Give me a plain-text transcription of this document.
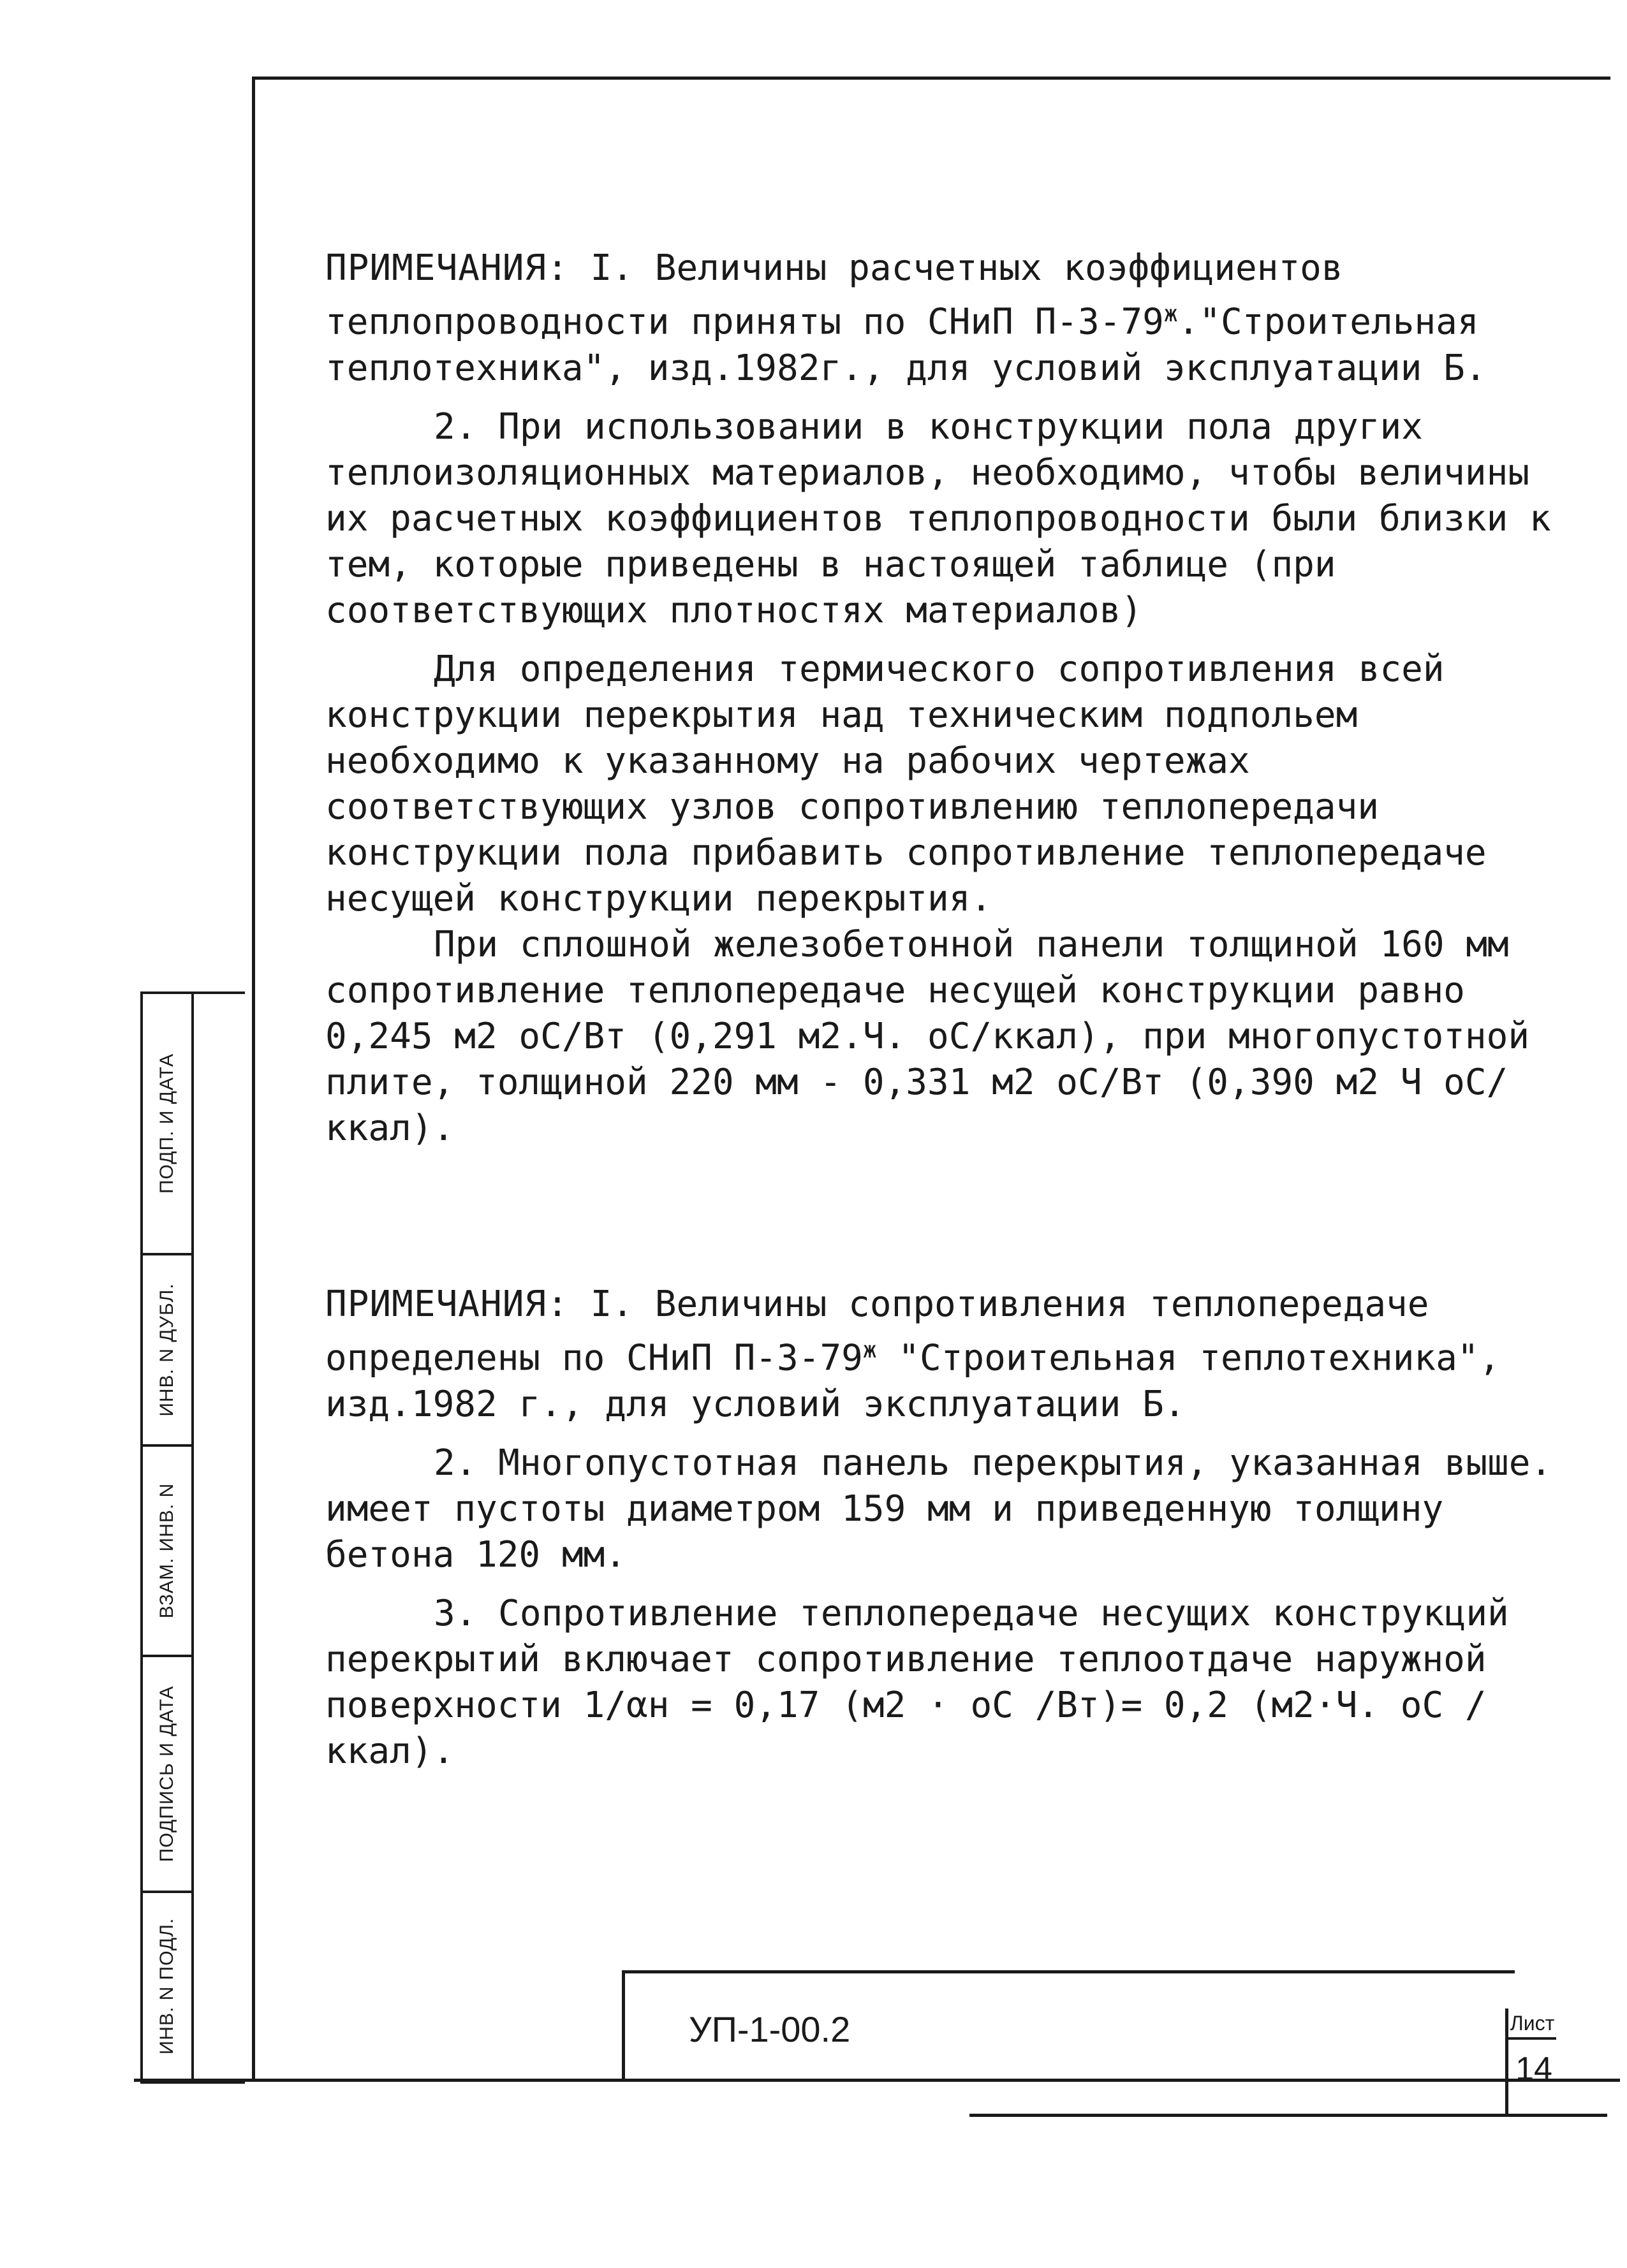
ПРИМЕЧАНИЯ: I. Величины расчетных коэффициентов теплопроводности приняты по СНиП $П-3-79^ж."Строительная$ теплотехника", изд.1982г., для условий эксплуатации Б.

2. При использовании в конструкции пола других теплоизоляционных материалов, необходимо, чтобы величины их расчетных коэффициентов теплопроводности были близки к тем, которые приведены в настоящей таблице (при соответствующих плотностях материалов)

Для определения термического сопротивления всей конструкции перекрытия над техническим подпольем необходимо к указанному на рабочих чертежах соответствующих узлов сопротивлению теплопередачи конструкции пола прибавить сопротивление теплопередаче несущей конструкции перекрытия.

При сплошной железобетонной панели толщиной 160 мм сопротивление теплопередаче несущей конструкции равно 0,245 м2 оС/Вт (0,291 м2.Ч. оС/ккал), при многопустотной плите, толщиной 220 мм - 0,331 м2 оС/Вт (0,390 м2 Ч оС/ккал).

ПРИМЕЧАНИЯ: I. Величины сопротивления теплопередаче определены по СНиП $П-3-79^ж$ "Строительная теплотехника", изд.1982 г., для условий эксплуатации Б.

2. Многопустотная панель перекрытия, указанная выше. имеет пустоты диаметром 159 мм и приведенную толщину бетона 120 мм.

3. Сопротивление теплопередаче несущих конструкций перекрытий включает сопротивление теплоотдаче наружной поверхности 1/αн = 0,17 (м2 · оС /Вт)= 0,2 (м2·Ч. оС /ккал).

ИНВ. N ПОДЛ.
ПОДПИСЬ И ДАТА
ВЗАМ. ИНВ. N
ИНВ. N ДУБЛ.
ПОДП. И ДАТА
УП-1-00.2	Лист
14
